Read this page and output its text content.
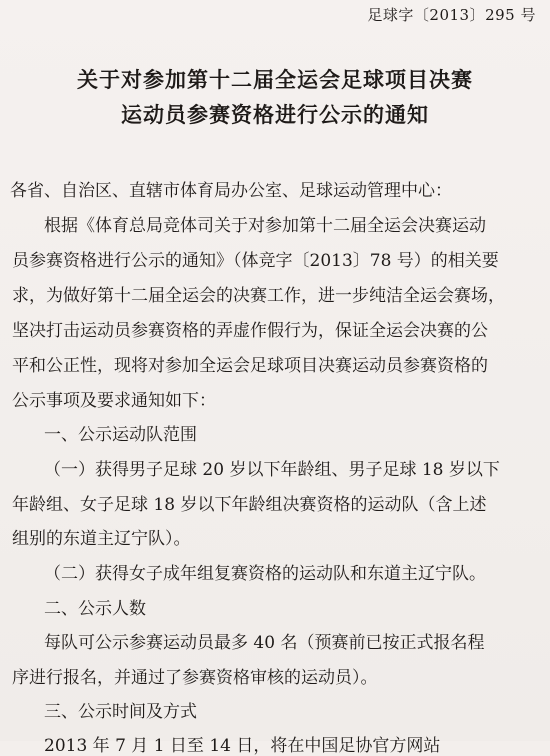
足球字〔2013〕295 号
关于对参加第十二届全运会足球项目决赛
运动员参赛资格进行公示的通知
各省、自治区、直辖市体育局办公室、足球运动管理中心：
根据《体育总局竞体司关于对参加第十二届全运会决赛运动
员参赛资格进行公示的通知》（体竞字〔2013〕78 号）的相关要
求，为做好第十二届全运会的决赛工作，进一步纯洁全运会赛场，
坚决打击运动员参赛资格的弄虚作假行为，保证全运会决赛的公
平和公正性，现将对参加全运会足球项目决赛运动员参赛资格的
公示事项及要求通知如下：
一、公示运动队范围
（一）获得男子足球 20 岁以下年龄组、男子足球 18 岁以下
年龄组、女子足球 18 岁以下年龄组决赛资格的运动队（含上述
组别的东道主辽宁队）。
（二）获得女子成年组复赛资格的运动队和东道主辽宁队。
二、公示人数
每队可公示参赛运动员最多 40 名（预赛前已按正式报名程
序进行报名，并通过了参赛资格审核的运动员）。
三、公示时间及方式
2013 年 7 月 1 日至 14 日，将在中国足协官方网站
